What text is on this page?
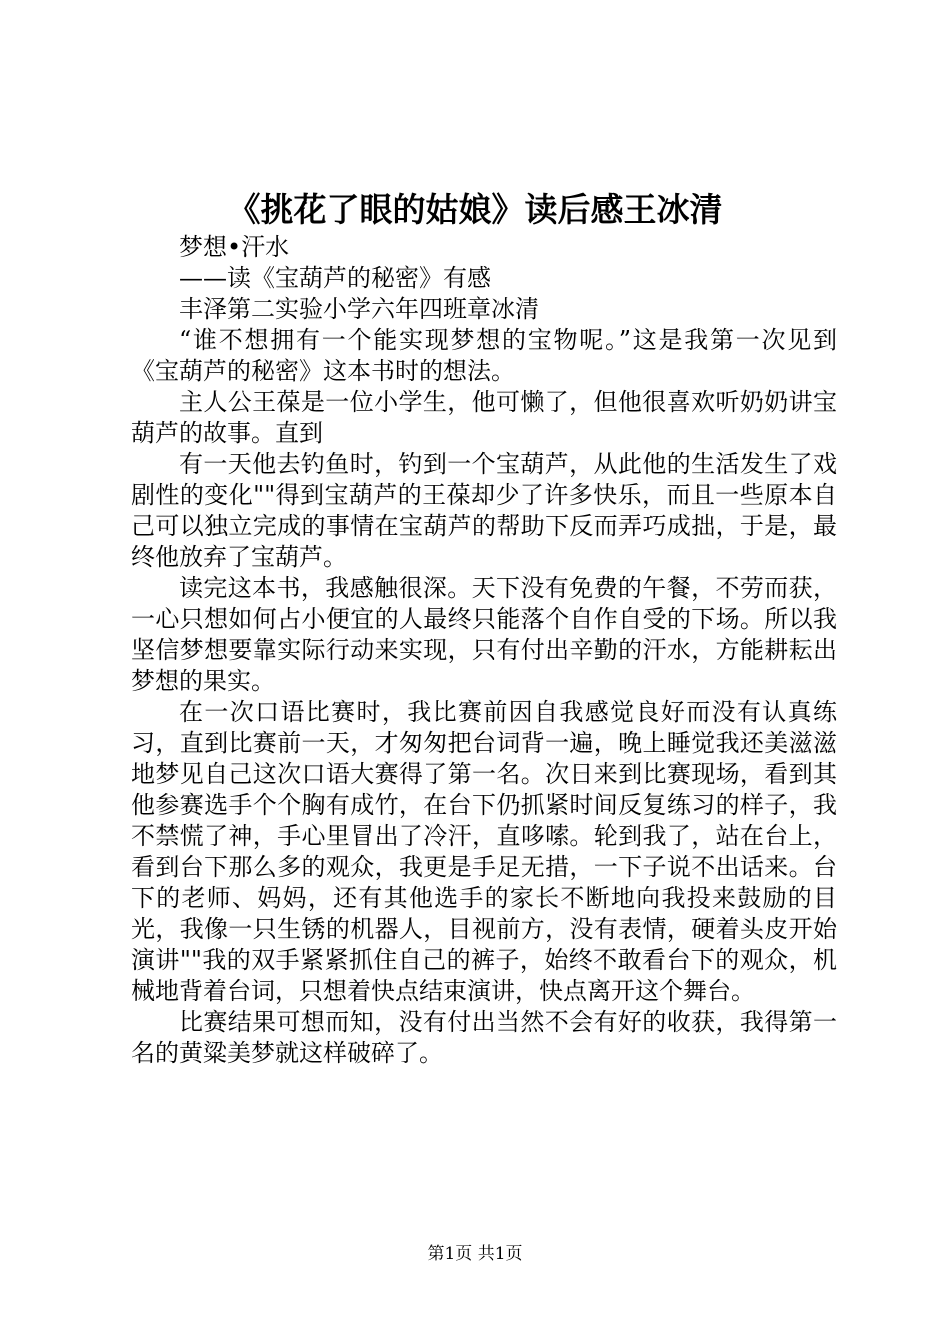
《挑花了眼的姑娘》读后感王冰清

梦想•汗水

——读《宝葫芦的秘密》有感

丰泽第二实验小学六年四班章冰清

“谁不想拥有一个能实现梦想的宝物呢。”这是我第一次见到《宝葫芦的秘密》这本书时的想法。

主人公王葆是一位小学生，他可懒了，但他很喜欢听奶奶讲宝葫芦的故事。直到

有一天他去钓鱼时，钓到一个宝葫芦，从此他的生活发生了戏剧性的变化""得到宝葫芦的王葆却少了许多快乐，而且一些原本自己可以独立完成的事情在宝葫芦的帮助下反而弄巧成拙，于是，最终他放弃了宝葫芦。

读完这本书，我感触很深。天下没有免费的午餐，不劳而获，一心只想如何占小便宜的人最终只能落个自作自受的下场。所以我坚信梦想要靠实际行动来实现，只有付出辛勤的汗水，方能耕耘出梦想的果实。

在一次口语比赛时，我比赛前因自我感觉良好而没有认真练习，直到比赛前一天，才匆匆把台词背一遍，晚上睡觉我还美滋滋地梦见自己这次口语大赛得了第一名。次日来到比赛现场，看到其他参赛选手个个胸有成竹，在台下仍抓紧时间反复练习的样子，我不禁慌了神，手心里冒出了冷汗，直哆嗦。轮到我了，站在台上，看到台下那么多的观众，我更是手足无措，一下子说不出话来。台下的老师、妈妈，还有其他选手的家长不断地向我投来鼓励的目光，我像一只生锈的机器人，目视前方，没有表情，硬着头皮开始演讲""我的双手紧紧抓住自己的裤子，始终不敢看台下的观众，机械地背着台词，只想着快点结束演讲，快点离开这个舞台。

比赛结果可想而知，没有付出当然不会有好的收获，我得第一名的黄粱美梦就这样破碎了。

第1页 共1页
